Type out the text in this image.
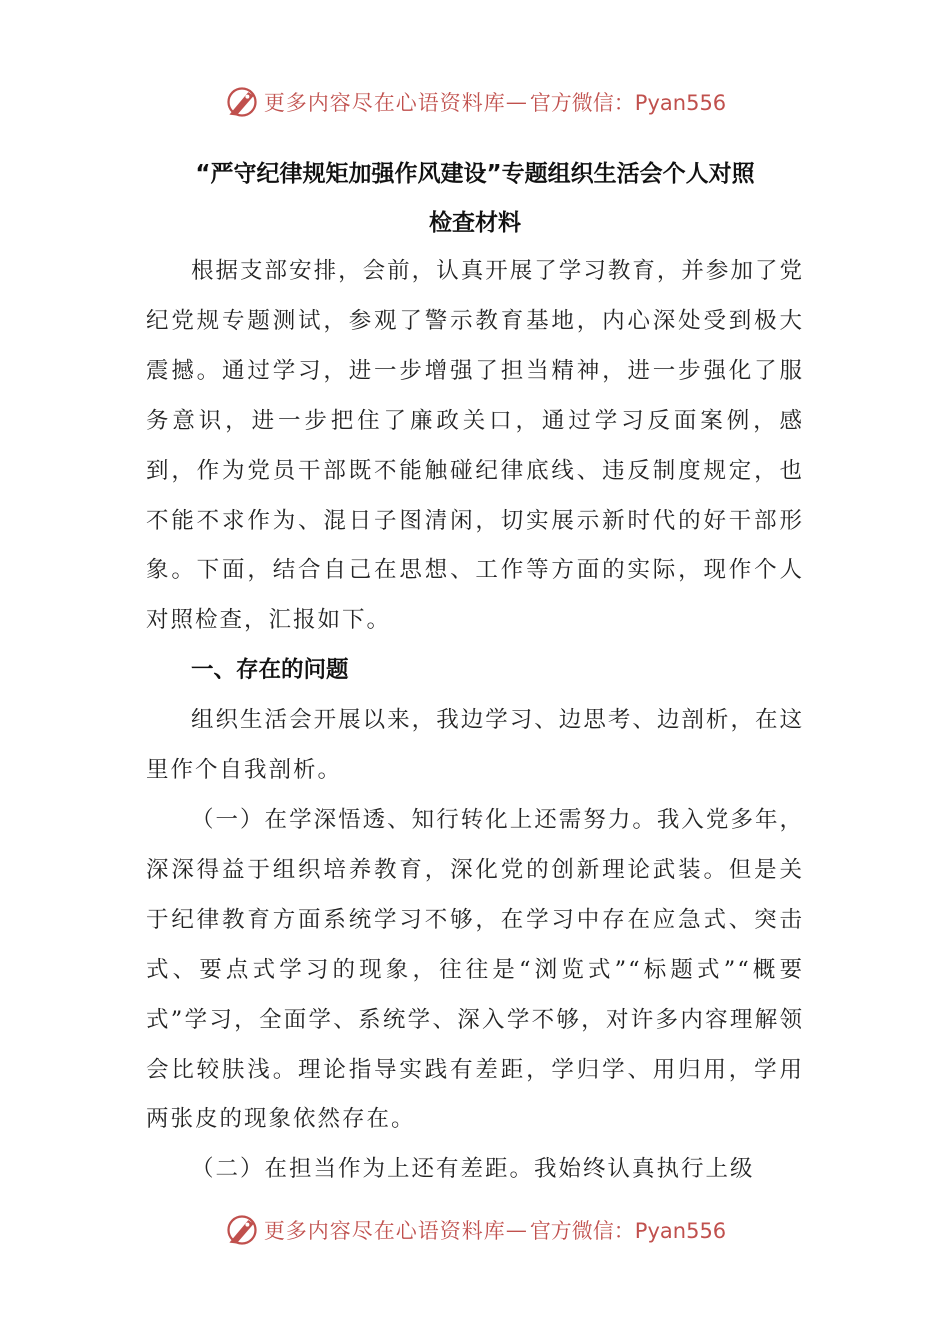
更多内容尽在心语资料库 — 官方微信：Pyan556
“严守纪律规矩加强作风建设”专题组织生活会个人对照
检查材料

根据支部安排，会前，认真开展了学习教育，并参加了党纪党规专题测试，参观了警示教育基地，内心深处受到极大震撼。通过学习，进一步增强了担当精神，进一步强化了服务意识，进一步把住了廉政关口，通过学习反面案例，感到，作为党员干部既不能触碰纪律底线、违反制度规定，也不能不求作为、混日子图清闲，切实展示新时代的好干部形象。下面，结合自己在思想、工作等方面的实际，现作个人对照检查，汇报如下。

一、存在的问题

组织生活会开展以来，我边学习、边思考、边剖析，在这里作个自我剖析。

（一）在学深悟透、知行转化上还需努力。我入党多年，深深得益于组织培养教育，深化党的创新理论武装。但是关于纪律教育方面系统学习不够，在学习中存在应急式、突击式、要点式学习的现象，往往是“浏览式”“标题式”“概要式”学习，全面学、系统学、深入学不够，对许多内容理解领会比较肤浅。理论指导实践有差距，学归学、用归用，学用两张皮的现象依然存在。

（二）在担当作为上还有差距。我始终认真执行上级

更多内容尽在心语资料库 — 官方微信：Pyan556
